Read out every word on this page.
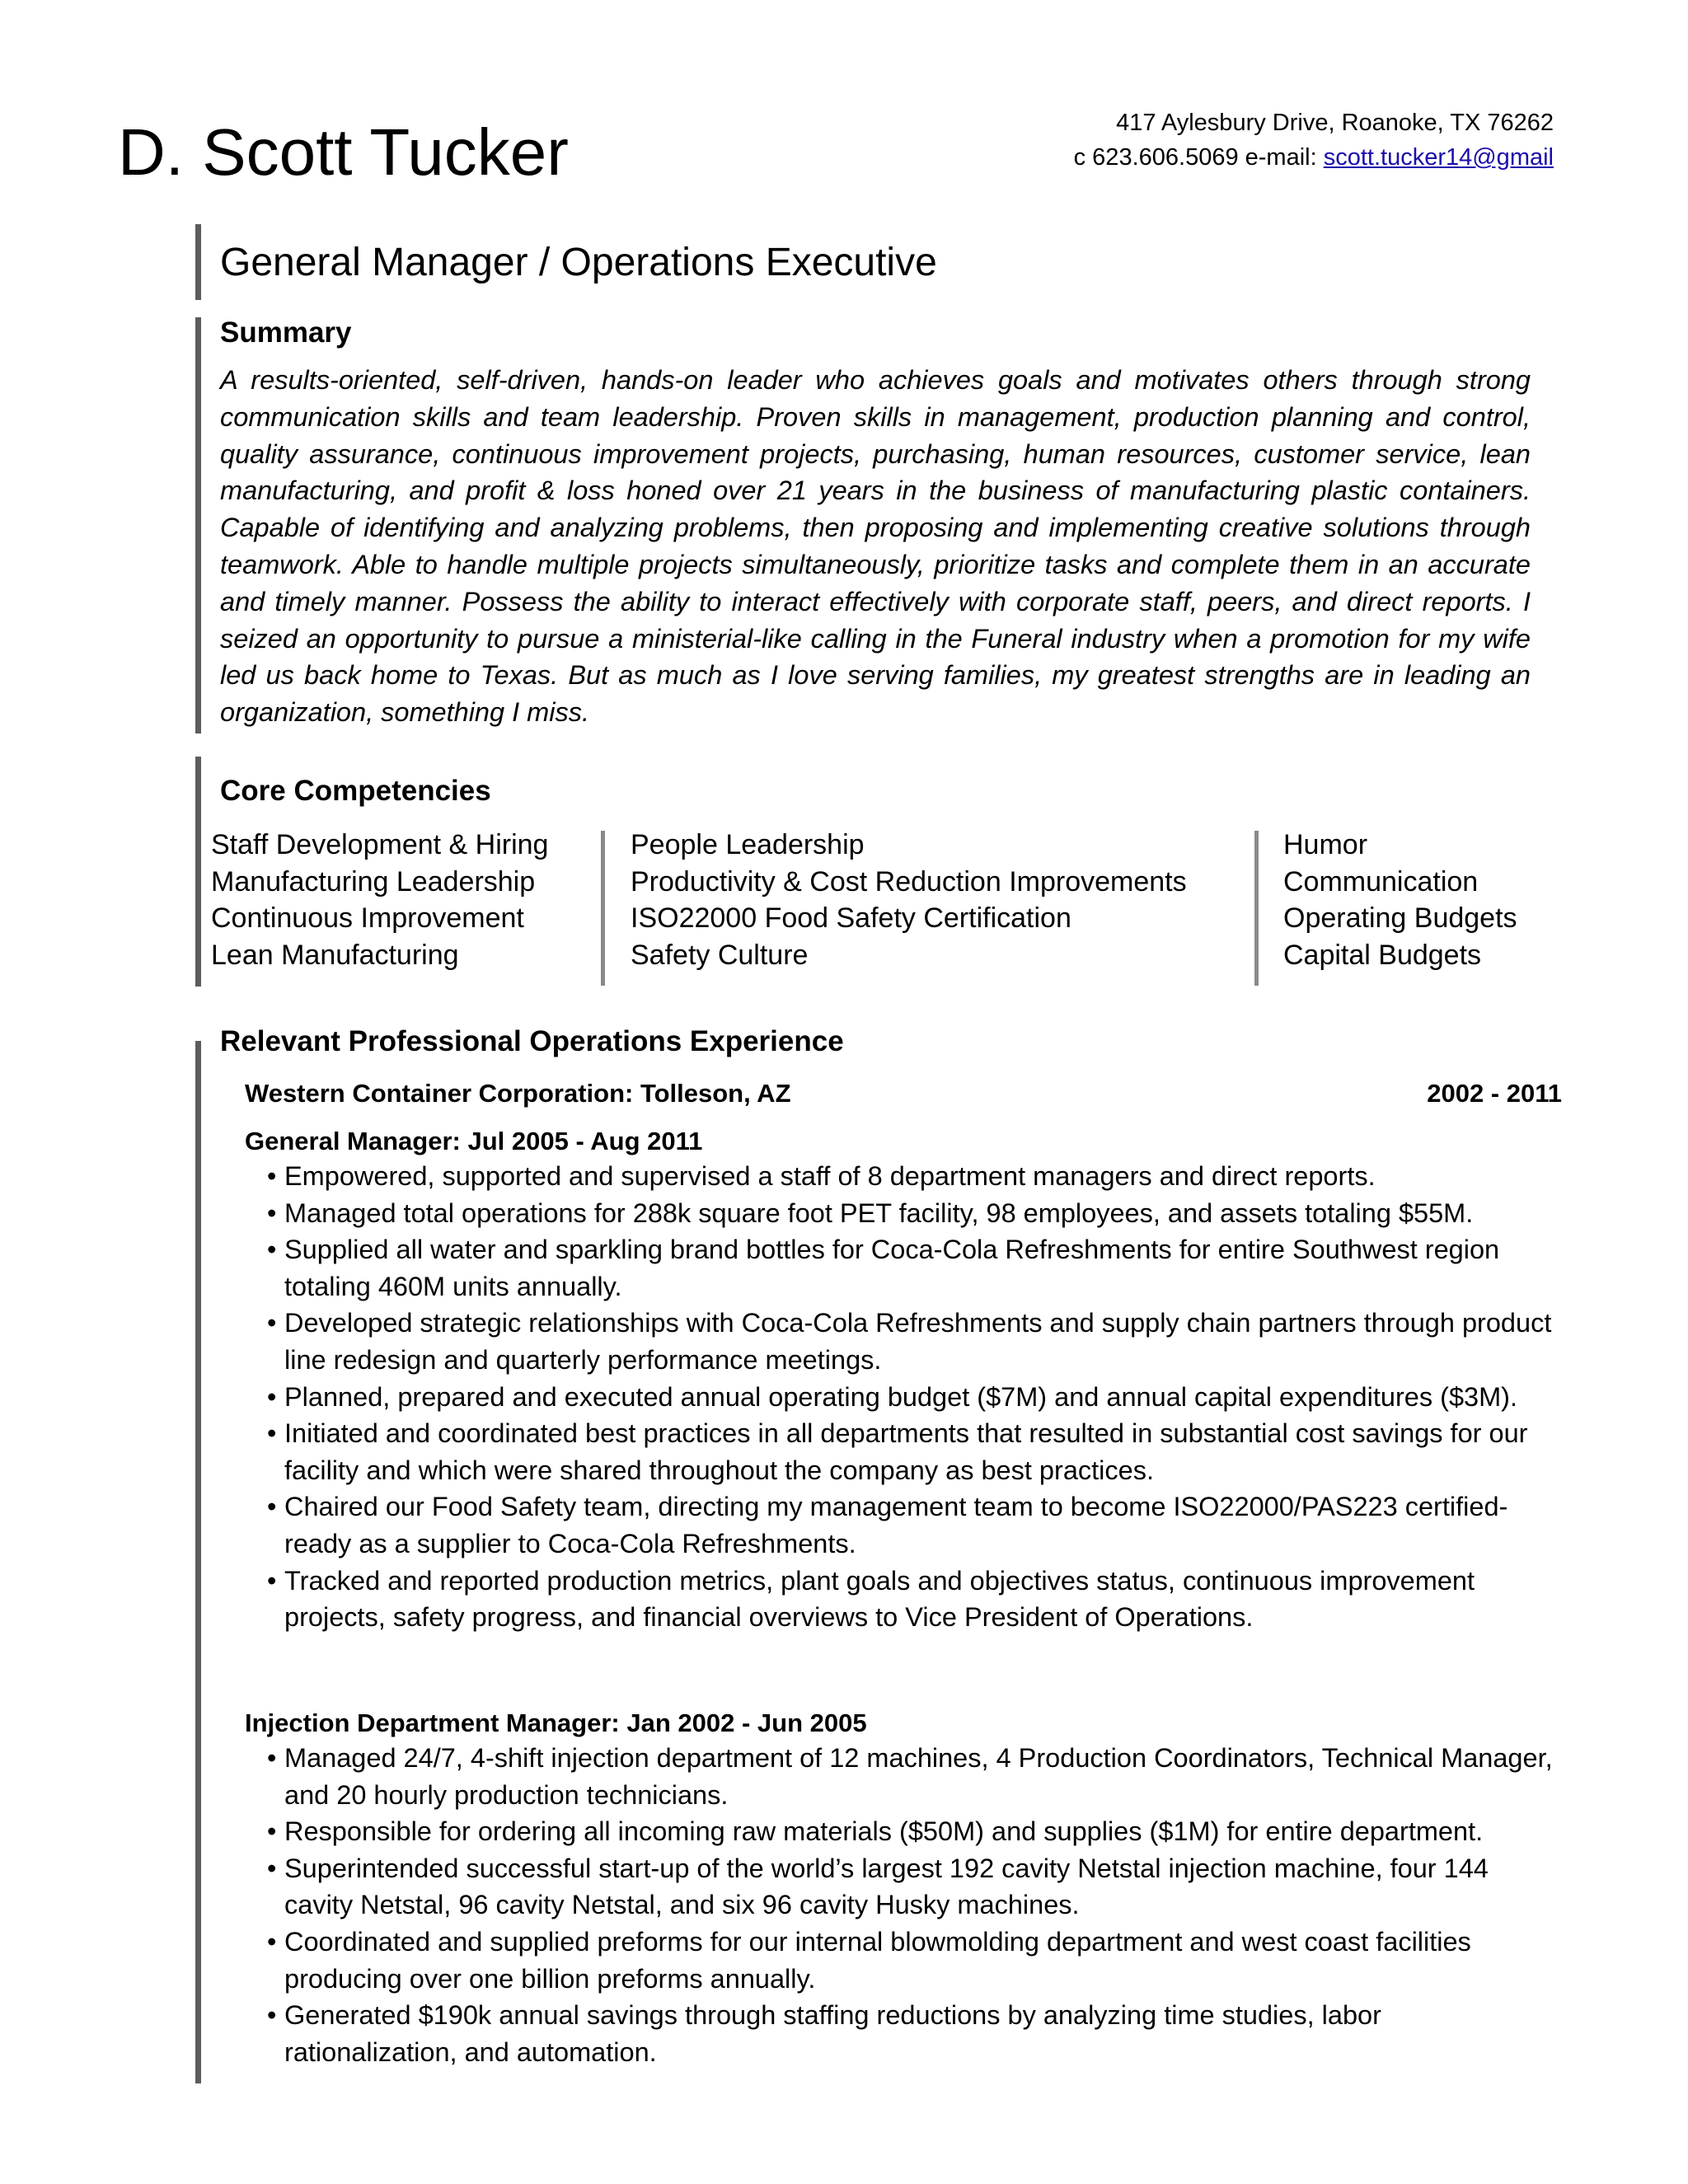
D. Scott Tucker	417 Aylesbury Drive, Roanoke, TX 76262
c 623.606.5069 e-mail: scott.tucker14@gmail
General Manager / Operations Executive
Summary
A results-oriented, self-driven, hands-on leader who achieves goals and motivates others through strong communication skills and team leadership. Proven skills in management, production planning and control, quality assurance, continuous improvement projects, purchasing, human resources, customer service, lean manufacturing, and profit & loss honed over 21 years in the business of manufacturing plastic containers. Capable of identifying and analyzing problems, then proposing and implementing creative solutions through teamwork. Able to handle multiple projects simultaneously, prioritize tasks and complete them in an accurate and timely manner. Possess the ability to interact effectively with corporate staff, peers, and direct reports. I seized an opportunity to pursue a ministerial-like calling in the Funeral industry when a promotion for my wife led us back home to Texas. But as much as I love serving families, my greatest strengths are in leading an organization, something I miss.
Core Competencies
Staff Development & Hiring
Manufacturing Leadership
Continuous Improvement
Lean Manufacturing
People Leadership
Productivity & Cost Reduction Improvements
ISO22000 Food Safety Certification
Safety Culture
Humor
Communication
Operating Budgets
Capital Budgets
Relevant Professional Operations Experience
Western Container Corporation: Tolleson, AZ	2002 - 2011
General Manager: Jul 2005 - Aug 2011
• Empowered, supported and supervised a staff of 8 department managers and direct reports.
• Managed total operations for 288k square foot PET facility, 98 employees, and assets totaling $55M.
• Supplied all water and sparkling brand bottles for Coca-Cola Refreshments for entire Southwest region totaling 460M units annually.
• Developed strategic relationships with Coca-Cola Refreshments and supply chain partners through product line redesign and quarterly performance meetings.
• Planned, prepared and executed annual operating budget ($7M) and annual capital expenditures ($3M).
• Initiated and coordinated best practices in all departments that resulted in substantial cost savings for our facility and which were shared throughout the company as best practices.
• Chaired our Food Safety team, directing my management team to become ISO22000/PAS223 certified-ready as a supplier to Coca-Cola Refreshments.
• Tracked and reported production metrics, plant goals and objectives status, continuous improvement projects, safety progress, and financial overviews to Vice President of Operations.
Injection Department Manager: Jan 2002 - Jun 2005
• Managed 24/7, 4-shift injection department of 12 machines, 4 Production Coordinators, Technical Manager, and 20 hourly production technicians.
• Responsible for ordering all incoming raw materials ($50M) and supplies ($1M) for entire department.
• Superintended successful start-up of the world’s largest 192 cavity Netstal injection machine, four 144 cavity Netstal, 96 cavity Netstal, and six 96 cavity Husky machines.
• Coordinated and supplied preforms for our internal blowmolding department and west coast facilities producing over one billion preforms annually.
• Generated $190k annual savings through staffing reductions by analyzing time studies, labor rationalization, and automation.
